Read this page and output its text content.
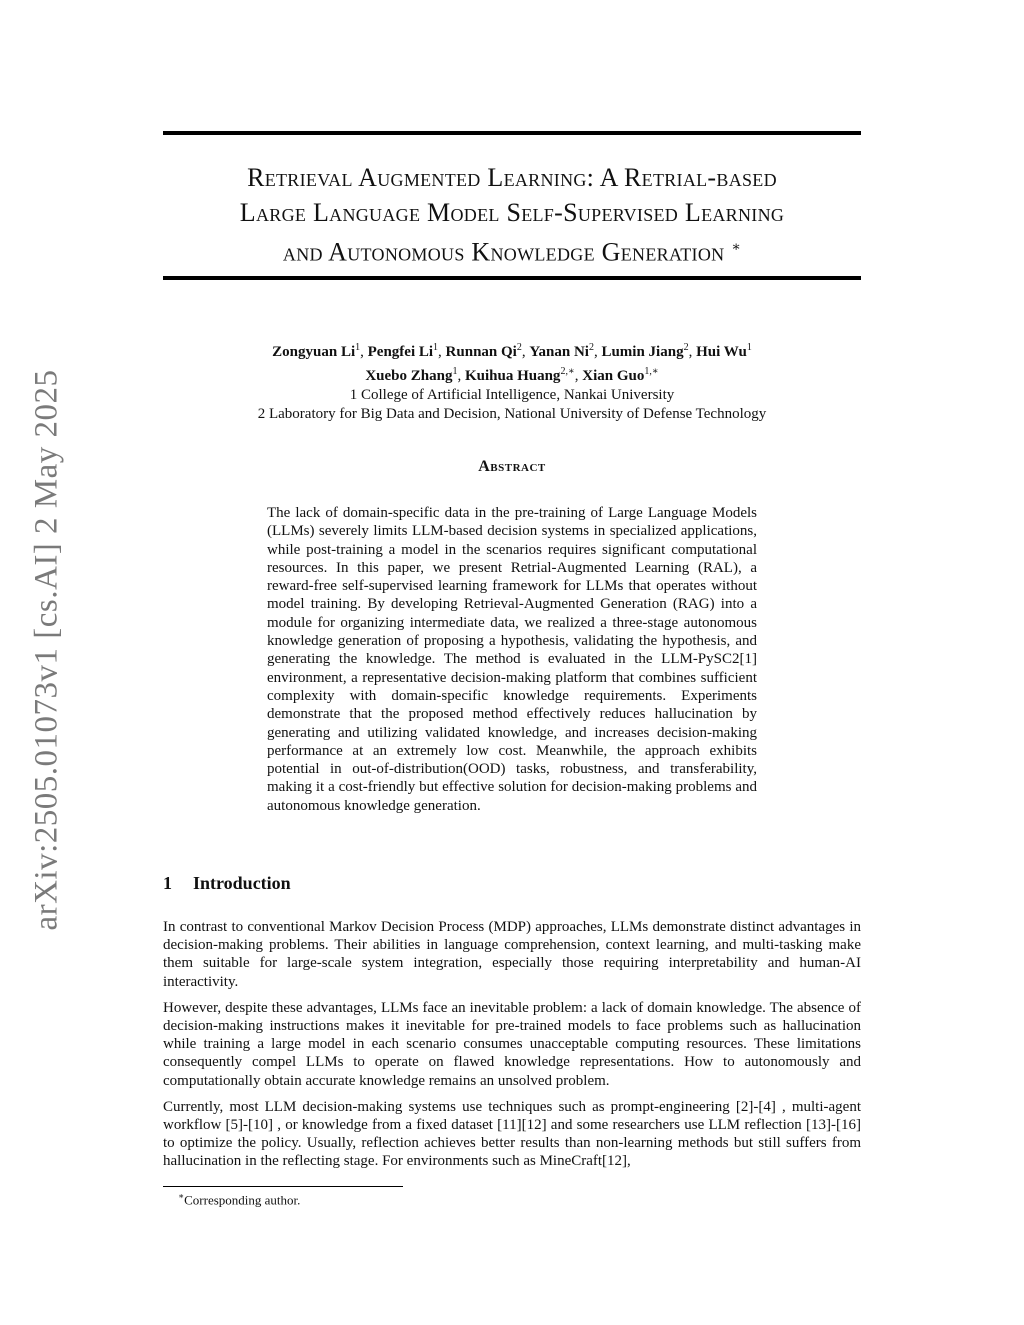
arXiv:2505.01073v1 [cs.AI] 2 May 2025
Retrieval Augmented Learning: A Retrial-based
Large Language Model Self-Supervised Learning
and Autonomous Knowledge Generation ∗
Zongyuan Li$^1$, Pengfei Li$^1$, Runnan Qi$^2$, Yanan Ni$^2$, Lumin Jiang$^2$, Hui Wu$^1$
Xuebo Zhang$^1$, Kuihua Huang$^{2,∗}$, Xian Guo$^{1,∗}$
1 College of Artificial Intelligence, Nankai University
2 Laboratory for Big Data and Decision, National University of Defense Technology
Abstract
The lack of domain-specific data in the pre-training of Large Language Models (LLMs) severely limits LLM-based decision systems in specialized applications, while post-training a model in the scenarios requires significant computational resources. In this paper, we present Retrial-Augmented Learning (RAL), a reward-free self-supervised learning framework for LLMs that operates without model training. By developing Retrieval-Augmented Generation (RAG) into a module for organizing intermediate data, we realized a three-stage autonomous knowledge generation of proposing a hypothesis, validating the hypothesis, and generating the knowledge. The method is evaluated in the LLM-PySC2[1] environment, a representative decision-making platform that combines sufficient complexity with domain-specific knowledge requirements. Experiments demonstrate that the proposed method effectively reduces hallucination by generating and utilizing validated knowledge, and increases decision-making performance at an extremely low cost. Meanwhile, the approach exhibits potential in out-of-distribution(OOD) tasks, robustness, and transferability, making it a cost-friendly but effective solution for decision-making problems and autonomous knowledge generation.
1 Introduction

In contrast to conventional Markov Decision Process (MDP) approaches, LLMs demonstrate distinct advantages in decision-making problems. Their abilities in language comprehension, context learning, and multi-tasking make them suitable for large-scale system integration, especially those requiring interpretability and human-AI interactivity.

However, despite these advantages, LLMs face an inevitable problem: a lack of domain knowledge. The absence of decision-making instructions makes it inevitable for pre-trained models to face problems such as hallucination while training a large model in each scenario consumes unacceptable computing resources. These limitations consequently compel LLMs to operate on flawed knowledge representations. How to autonomously and computationally obtain accurate knowledge remains an unsolved problem.

Currently, most LLM decision-making systems use techniques such as prompt-engineering [2]-[4] , multi-agent workflow [5]-[10] , or knowledge from a fixed dataset [11][12] and some researchers use LLM reflection [13]-[16] to optimize the policy. Usually, reflection achieves better results than non-learning methods but still suffers from hallucination in the reflecting stage. For environments such as MineCraft[12],

∗Corresponding author.
